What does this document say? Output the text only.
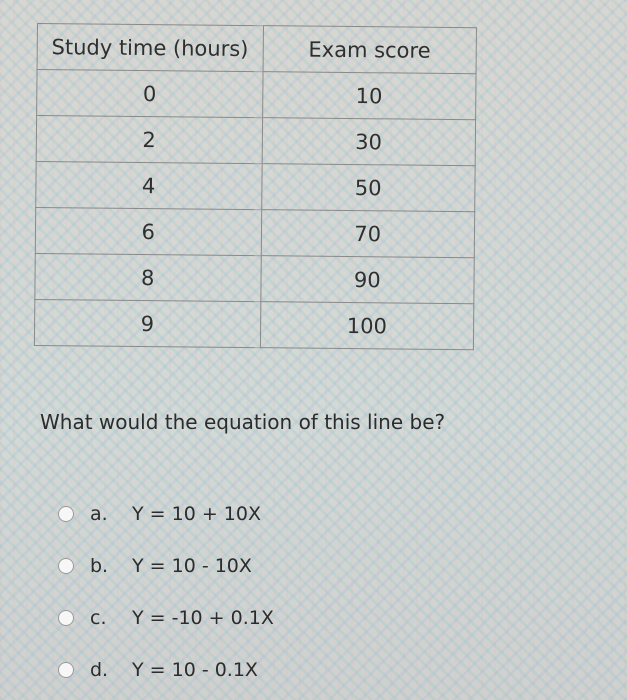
Study time (hours)	Exam score
0	10
2	30
4	50
6	70
8	90
9	100
What would the equation of this line be?
a.	Y = 10 + 10X
b.	Y = 10 - 10X
c.	Y = -10 + 0.1X
d.	Y = 10 - 0.1X
